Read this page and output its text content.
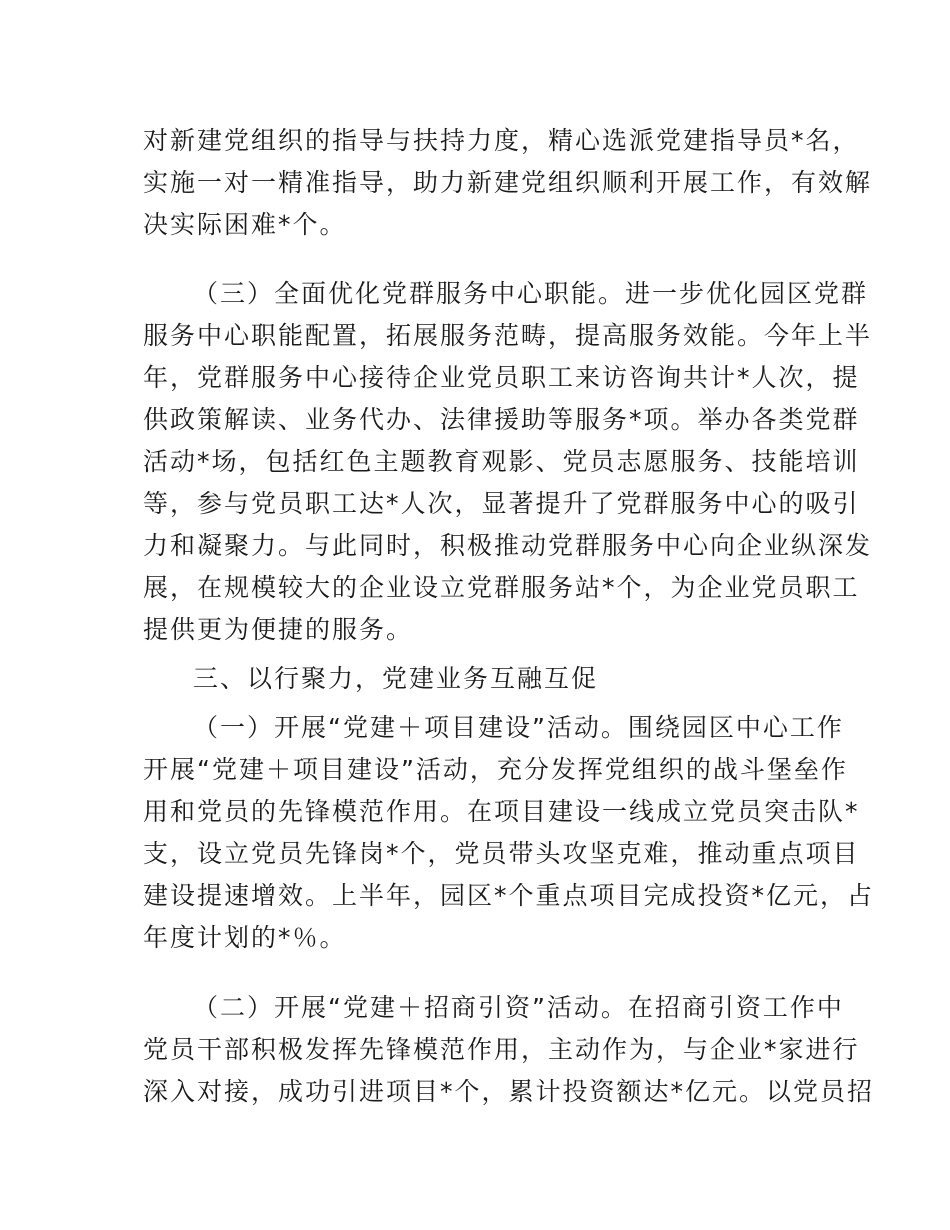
对新建党组织的指导与扶持力度，精心选派党建指导员*名，

实施一对一精准指导，助力新建党组织顺利开展工作，有效解

决实际困难*个。

（三）全面优化党群服务中心职能。进一步优化园区党群

服务中心职能配置，拓展服务范畴，提高服务效能。今年上半

年，党群服务中心接待企业党员职工来访咨询共计*人次，提

供政策解读、业务代办、法律援助等服务*项。举办各类党群

活动*场，包括红色主题教育观影、党员志愿服务、技能培训

等，参与党员职工达*人次，显著提升了党群服务中心的吸引

力和凝聚力。与此同时，积极推动党群服务中心向企业纵深发

展，在规模较大的企业设立党群服务站*个，为企业党员职工

提供更为便捷的服务。

三、以行聚力，党建业务互融互促

（一）开展“党建＋项目建设”活动。围绕园区中心工作

开展“党建＋项目建设”活动，充分发挥党组织的战斗堡垒作

用和党员的先锋模范作用。在项目建设一线成立党员突击队*

支，设立党员先锋岗*个，党员带头攻坚克难，推动重点项目

建设提速增效。上半年，园区*个重点项目完成投资*亿元，占

年度计划的*％。

（二）开展“党建＋招商引资”活动。在招商引资工作中

党员干部积极发挥先锋模范作用，主动作为，与企业*家进行

深入对接，成功引进项目*个，累计投资额达*亿元。以党员招
